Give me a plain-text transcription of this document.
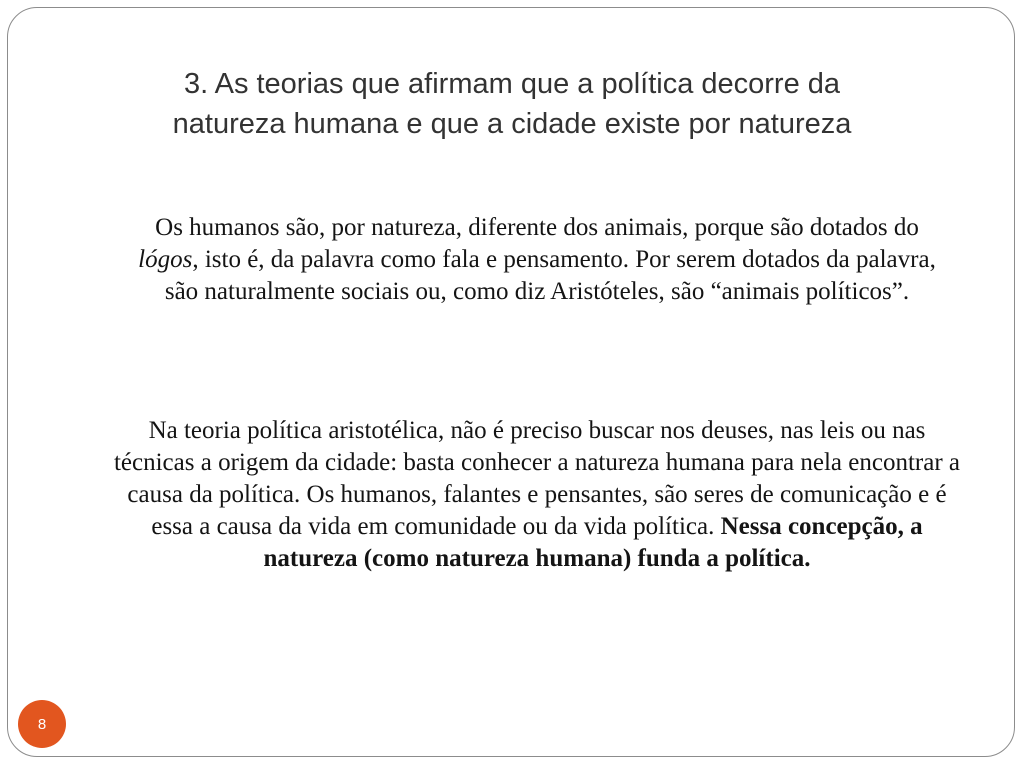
3. As teorias que afirmam que a política decorre da
natureza humana e que a cidade existe por natureza

Os humanos são, por natureza, diferente dos animais, porque são dotados do lógos, isto é, da palavra como fala e pensamento. Por serem dotados da palavra, são naturalmente sociais ou, como diz Aristóteles, são “animais políticos”.

Na teoria política aristotélica, não é preciso buscar nos deuses, nas leis ou nas técnicas a origem da cidade: basta conhecer a natureza humana para nela encontrar a causa da política. Os humanos, falantes e pensantes, são seres de comunicação e é essa a causa da vida em comunidade ou da vida política. Nessa concepção, a natureza (como natureza humana) funda a política.

8
